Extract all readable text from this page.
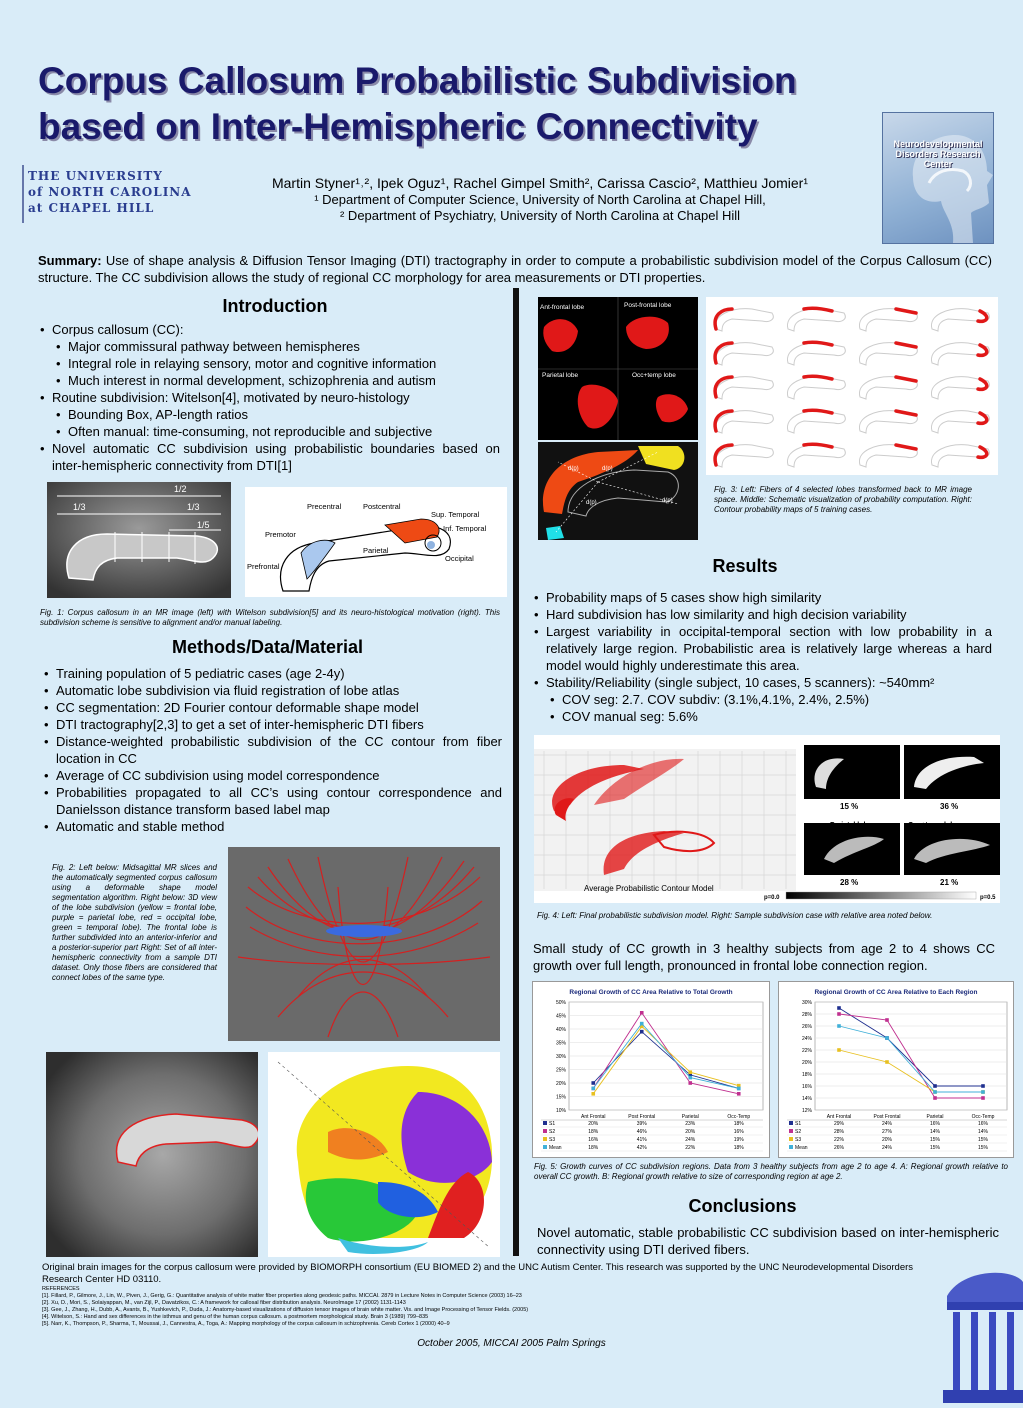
Corpus Callosum Probabilistic Subdivision
based on Inter-Hemispheric Connectivity
THE UNIVERSITY
of NORTH CAROLINA
at CHAPEL HILL
Martin Styner¹˒², Ipek Oguz¹, Rachel Gimpel Smith², Carissa Cascio², Matthieu Jomier¹
¹ Department of Computer Science, University of North Carolina at Chapel Hill,
² Department of Psychiatry, University of North Carolina at Chapel Hill
Neurodevelopmental Disorders Research Center
Summary: Use of shape analysis & Diffusion Tensor Imaging (DTI) tractography in order to compute a probabilistic subdivision model of the Corpus Callosum (CC) structure. The CC subdivision allows the study of regional CC morphology for area measurements or DTI properties.
Introduction
• Corpus callosum (CC):
• Major commissural pathway between hemispheres
• Integral role in relaying sensory, motor and cognitive information
• Much interest in normal development, schizophrenia and autism
• Routine subdivision: Witelson[4], motivated by neuro-histology
• Bounding Box, AP-length ratios
• Often manual: time-consuming, not reproducible and subjective
• Novel automatic CC subdivision using probabilistic boundaries based on inter-hemispheric connectivity from DTI[1]
1/2
1/3	1/3
1/5
Precentral	Postcentral
Sup. Temporal
Inf. Temporal
Premotor
Parietal
Occipital
Prefrontal
Fig. 1: Corpus callosum in an MR image (left) with Witelson subdivision[5] and its neuro-histological motivation (right). This subdivision scheme is sensitive to alignment and/or manual labeling.
Methods/Data/Material
• Training population of 5 pediatric cases (age 2-4y)
• Automatic lobe subdivision via fluid registration of lobe atlas
• CC segmentation: 2D Fourier contour deformable shape model
• DTI tractography[2,3] to get a set of inter-hemispheric DTI fibers
• Distance-weighted probabilistic subdivision of the CC contour from fiber location in CC
• Average of CC subdivision using model correspondence
• Probabilities propagated to all CC’s using contour correspondence and Danielsson distance transform based label map
• Automatic and stable method
Fig. 2: Left below: Midsagittal MR slices and the automatically segmented corpus callosum using a deformable shape model segmentation algorithm. Right below: 3D view of the lobe subdivision (yellow = frontal lobe, purple = parietal lobe, red = occipital lobe, green = temporal lobe). The frontal lobe is further subdivided into an anterior-inferior and a posterior-superior part Right: Set of all inter-hemispheric connectivity from a sample DTI dataset. Only those fibers are considered that connect lobes of the same type.
Ant-frontal lobe	Post-frontal lobe
Parietal lobe	Occ+temp lobe
d(p)	d(p)
d(p)	d(p)
Fig. 3: Left: Fibers of 4 selected lobes transformed back to MR image space. Middle: Schematic visualization of probability computation. Right: Contour probability maps of 5 training cases.
Results
• Probability maps of 5 cases show high similarity
• Hard subdivision has low similarity and high decision variability
• Largest variability in occipital-temporal section with low probability in a relatively large region. Probabilistic area is relatively large whereas a hard model would highly underestimate this area.
• Stability/Reliability (single subject, 10 cases, 5 scanners): ~540mm²
• COV seg: 2.7. COV subdiv: (3.1%,4.1%, 2.4%, 2.5%)
• COV manual seg: 5.6%
Average Probabilistic Contour Model
Ant-frontal lobe	Post-frontal lobe
Parietal lobe	Occ+temp lobe
15 %	36 %
28 %	21 %
p=0.0	p=0.5
Fig. 4: Left: Final probabilistic subdivision model. Right: Sample subdivision case with relative area noted below.
Small study of CC growth in 3 healthy subjects from age 2 to 4 shows CC growth over full length, pronounced in frontal lobe connection region.
Regional Growth of CC Area Relative to Total Growth
10%
15%
20%
25%
30%
35%
40%
45%
50%
Ant Frontal	Post Frontal	Parietal	Occ-Temp
S1	20%	39%	23%	18%
S2	18%	46%	20%	16%
S3	16%	41%	24%	19%
Mean	18%	42%	22%	18%
Regional Growth of CC Area Relative to Each Region
12%
14%
16%
18%
20%
22%
24%
26%
28%
30%
Ant Frontal	Post Frontal	Parietal	Occ-Temp
S1	29%	24%	16%	16%
S2	28%	27%	14%	14%
S3	22%	20%	15%	15%
Mean	26%	24%	15%	15%
Fig. 5: Growth curves of CC subdivision regions. Data from 3 healthy subjects from age 2 to age 4. A: Regional growth relative to overall CC growth. B: Regional growth relative to size of corresponding region at age 2.
Conclusions
Novel automatic, stable probabilistic CC subdivision based on inter-hemispheric connectivity using DTI derived fibers.
Original brain images for the corpus callosum were provided by BIOMORPH consortium (EU BIOMED 2) and the UNC Autism Center. This research was supported by the UNC Neurodevelopmental Disorders Research Center HD 03110.
REFERENCES
[1]. Fillard, P., Gilmore, J., Lin, W., Piven, J., Gerig, G.: Quantitative analysis of white matter fiber properties along geodesic paths. MICCAI. 2879 in Lecture Notes in Computer Science (2003) 16–23
[2]. Xu, D., Mori, S., Solaiyappan, M., van Zijl, P., Davatzikos, C.: A framework for callosal fiber distribution analysis. NeuroImage 17 (2002) 1131-1143
[3]. Gee, J., Zhang, H., Dubb, A., Avants, B., Yushkevich, P., Duda, J.: Anatomy-based visualizations of diffusion tensor images of brain white matter. Vis. and Image Processing of Tensor Fields. (2005)
[4]. Witelson, S.: Hand and sex differences in the isthmus and genu of the human corpus callosum. a postmortem morphological study. Brain 3 (1989) 799–835
[5]. Narr, K., Thompson, P., Sharma, T., Moussai, J., Cannestra, A., Toga, A.: Mapping morphology of the corpus callosum in schizophrenia. Cereb Cortex 1 (2000) 40–9
October 2005, MICCAI 2005 Palm Springs
